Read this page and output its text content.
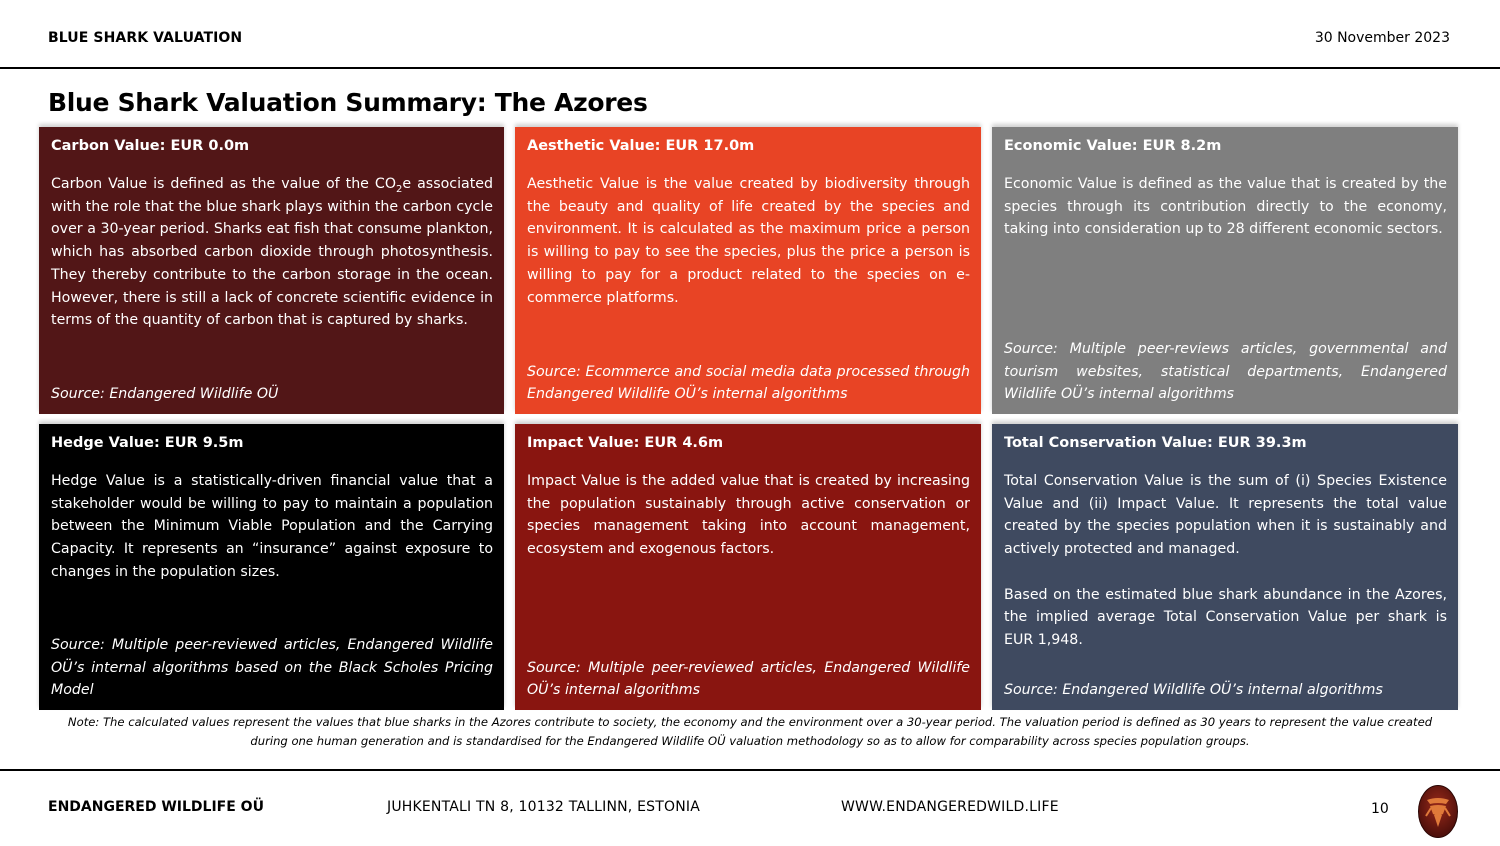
BLUE SHARK VALUATION	30 November 2023
Blue Shark Valuation Summary: The Azores
Carbon Value: EUR 0.0m

Carbon Value is defined as the value of the $CO_2e$ associated with the role that the blue shark plays within the carbon cycle over a 30-year period. Sharks eat fish that consume plankton, which has absorbed carbon dioxide through photosynthesis. They thereby contribute to the carbon storage in the ocean. However, there is still a lack of concrete scientific evidence in terms of the quantity of carbon that is captured by sharks.

Source: Endangered Wildlife OÜ
Aesthetic Value: EUR 17.0m

Aesthetic Value is the value created by biodiversity through the beauty and quality of life created by the species and environment. It is calculated as the maximum price a person is willing to pay to see the species, plus the price a person is willing to pay for a product related to the species on e-commerce platforms.

Source: Ecommerce and social media data processed through Endangered Wildlife OÜ’s internal algorithms
Economic Value: EUR 8.2m

Economic Value is defined as the value that is created by the species through its contribution directly to the economy, taking into consideration up to 28 different economic sectors.

Source: Multiple peer-reviews articles, governmental and tourism websites, statistical departments, Endangered Wildlife OÜ’s internal algorithms
Hedge Value: EUR 9.5m

Hedge Value is a statistically-driven financial value that a stakeholder would be willing to pay to maintain a population between the Minimum Viable Population and the Carrying Capacity. It represents an “insurance” against exposure to changes in the population sizes.

Source: Multiple peer-reviewed articles, Endangered Wildlife OÜ’s internal algorithms based on the Black Scholes Pricing Model
Impact Value: EUR 4.6m

Impact Value is the added value that is created by increasing the population sustainably through active conservation or species management taking into account management, ecosystem and exogenous factors.

Source: Multiple peer-reviewed articles, Endangered Wildlife OÜ’s internal algorithms
Total Conservation Value: EUR 39.3m

Total Conservation Value is the sum of (i) Species Existence Value and (ii) Impact Value. It represents the total value created by the species population when it is sustainably and actively protected and managed.

Based on the estimated blue shark abundance in the Azores, the implied average Total Conservation Value per shark is EUR 1,948.

Source: Endangered Wildlife OÜ’s internal algorithms
Note: The calculated values represent the values that blue sharks in the Azores contribute to society, the economy and the environment over a 30-year period. The valuation period is defined as 30 years to represent the value created during one human generation and is standardised for the Endangered Wildlife OÜ valuation methodology so as to allow for comparability across species population groups.
ENDANGERED WILDLIFE OÜ	JUHKENTALI TN 8, 10132 TALLINN, ESTONIA	WWW.ENDANGEREDWILD.LIFE	10
